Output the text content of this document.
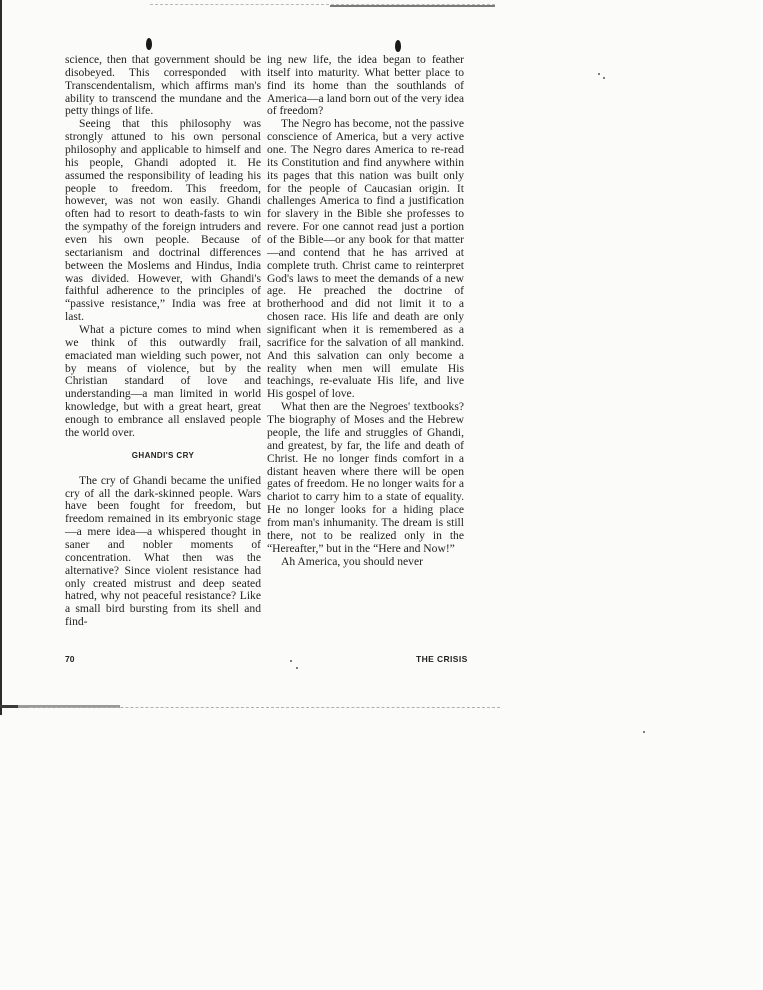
science, then that government should be disobeyed. This corresponded with Transcendentalism, which affirms man's ability to transcend the mundane and the petty things of life.

Seeing that this philosophy was strongly attuned to his own personal philosophy and applicable to himself and his people, Ghandi adopted it. He assumed the responsibility of leading his people to freedom. This freedom, however, was not won easily. Ghandi often had to resort to death-fasts to win the sympathy of the foreign intruders and even his own people. Because of sectarianism and doctrinal differences between the Moslems and Hindus, India was divided. However, with Ghandi's faithful adherence to the principles of “passive resistance,” India was free at last.

What a picture comes to mind when we think of this outwardly frail, emaciated man wielding such power, not by means of violence, but by the Christian standard of love and understanding—a man limited in world knowledge, but with a great heart, great enough to embrance all enslaved people the world over.

GHANDI'S CRY

The cry of Ghandi became the unified cry of all the dark-skinned people. Wars have been fought for freedom, but freedom remained in its embryonic stage—a mere idea—a whispered thought in saner and nobler moments of concentration. What then was the alternative? Since violent resistance had only created mistrust and deep seated hatred, why not peaceful resistance? Like a small bird bursting from its shell and find-

ing new life, the idea began to feather itself into maturity. What better place to find its home than the southlands of America—a land born out of the very idea of freedom?

The Negro has become, not the passive conscience of America, but a very active one. The Negro dares America to re-read its Constitution and find anywhere within its pages that this nation was built only for the people of Caucasian origin. It challenges America to find a justification for slavery in the Bible she professes to revere. For one cannot read just a portion of the Bible—or any book for that matter—and contend that he has arrived at complete truth. Christ came to reinterpret God's laws to meet the demands of a new age. He preached the doctrine of brotherhood and did not limit it to a chosen race. His life and death are only significant when it is remembered as a sacrifice for the salvation of all mankind. And this salvation can only become a reality when men will emulate His teachings, re-evaluate His life, and live His gospel of love.

What then are the Negroes' textbooks? The biography of Moses and the Hebrew people, the life and struggles of Ghandi, and greatest, by far, the life and death of Christ. He no longer finds comfort in a distant heaven where there will be open gates of freedom. He no longer waits for a chariot to carry him to a state of equality. He no longer looks for a hiding place from man's inhumanity. The dream is still there, not to be realized only in the “Hereafter,” but in the “Here and Now!”

Ah America, you should never

70	THE CRISIS
